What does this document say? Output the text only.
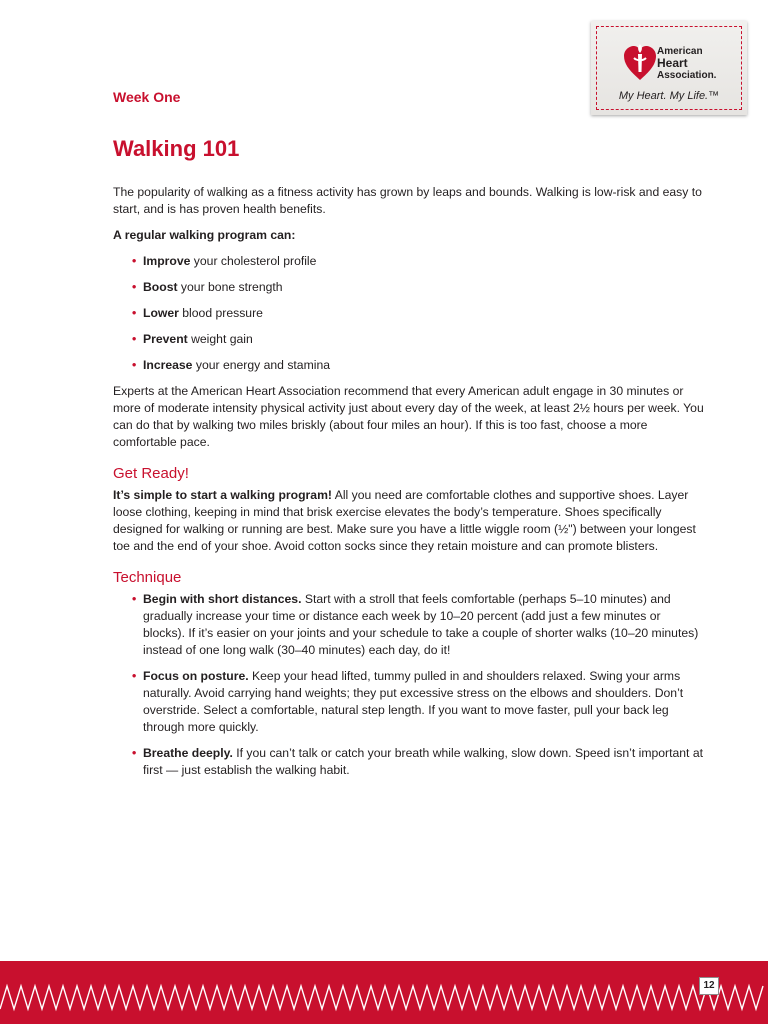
American
Heart
Association.
My Heart. My Life.™
Week One
Walking 101

The popularity of walking as a fitness activity has grown by leaps and bounds. Walking is low-risk and easy to start, and is has proven health benefits.

A regular walking program can:

• Improve your cholesterol profile
• Boost your bone strength
• Lower blood pressure
• Prevent weight gain
• Increase your energy and stamina

Experts at the American Heart Association recommend that every American adult engage in 30 minutes or more of moderate intensity physical activity just about every day of the week, at least 2½ hours per week. You can do that by walking two miles briskly (about four miles an hour). If this is too fast, choose a more comfortable pace.

Get Ready!

It’s simple to start a walking program! All you need are comfortable clothes and supportive shoes. Layer loose clothing, keeping in mind that brisk exercise elevates the body’s temperature. Shoes specifically designed for walking or running are best. Make sure you have a little wiggle room (½") between your longest toe and the end of your shoe. Avoid cotton socks since they retain moisture and can promote blisters.

Technique
• Begin with short distances. Start with a stroll that feels comfortable (perhaps 5–10 minutes) and gradually increase your time or distance each week by 10–20 percent (add just a few minutes or blocks). If it’s easier on your joints and your schedule to take a couple of shorter walks (10–20 minutes) instead of one long walk (30–40 minutes) each day, do it!
• Focus on posture. Keep your head lifted, tummy pulled in and shoulders relaxed. Swing your arms naturally. Avoid carrying hand weights; they put excessive stress on the elbows and shoulders. Don’t overstride. Select a comfortable, natural step length. If you want to move faster, pull your back leg through more quickly.
• Breathe deeply. If you can’t talk or catch your breath while walking, slow down. Speed isn’t important at first — just establish the walking habit.
12
